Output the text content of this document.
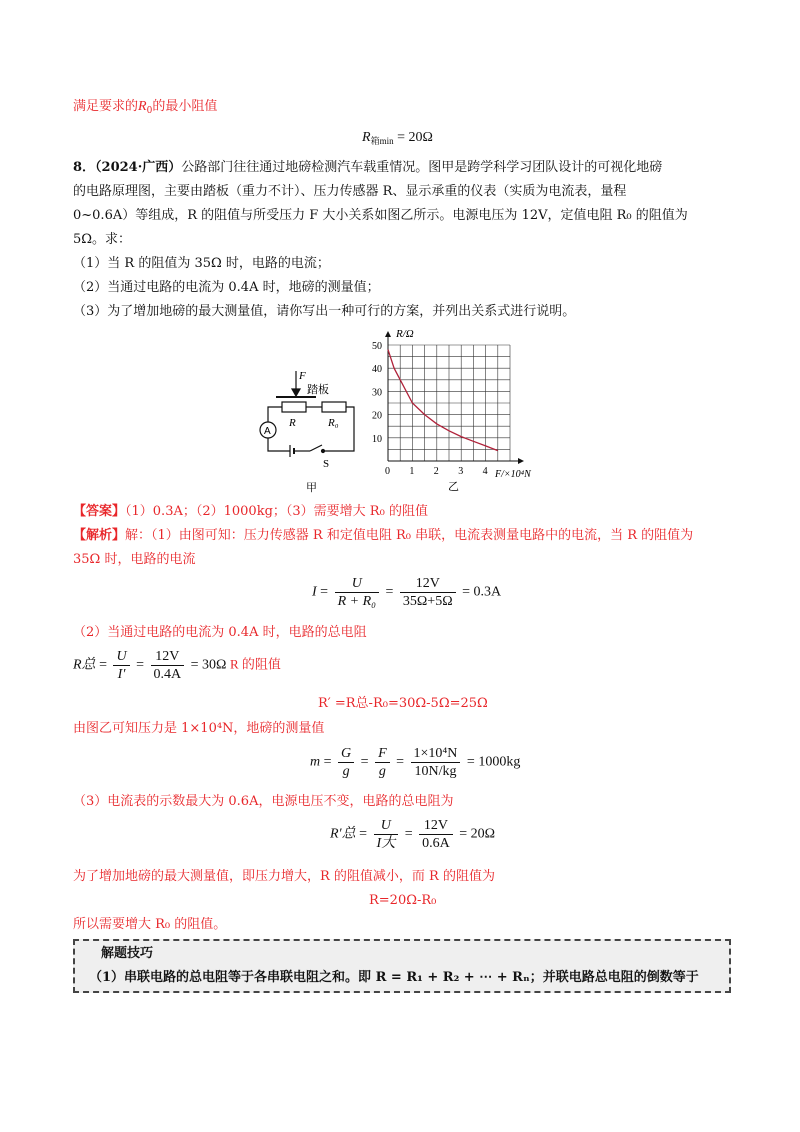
满足要求的$R_0$的最小阻值
$R_{箱min} = 20\Omega$
8．（2024·广西）公路部门往往通过地磅检测汽车载重情况。图甲是跨学科学习团队设计的可视化地磅
的电路原理图，主要由踏板（重力不计）、压力传感器 R、显示承重的仪表（实质为电流表，量程
0~0.6A）等组成，R 的阻值与所受压力 F 大小关系如图乙所示。电源电压为 12V，定值电阻 R₀ 的阻值为
5Ω。求：
（1）当 R 的阻值为 35Ω 时，电路的电流；
（2）当通过电路的电流为 0.4A 时，地磅的测量值；
（3）为了增加地磅的最大测量值，请你写出一种可行的方案，并列出关系式进行说明。
F
踏板
R	R₀
A
S
甲
0 1 2 3 4
10
20
30
40
50
R/Ω
F/×10⁴N
乙
【答案】（1）0.3A；（2）1000kg；（3）需要增大 R₀ 的阻值
【解析】解：（1）由图可知：压力传感器 R 和定值电阻 R₀ 串联，电流表测量电路中的电流，当 R 的阻值为
35Ω 时，电路的电流
$I = \frac{U}{\text{R + R₀}} = \frac{12V}{35\Omega+5\Omega} = 0.3A$
（2）当通过电路的电流为 0.4A 时，电路的总电阻
R总 = $\frac{U}{I'} = \frac{12V}{0.4A} = 30\Omega$ R 的阻值
R′ =R总-R₀=30Ω-5Ω=25Ω
由图乙可知压力是 1×10⁴N，地磅的测量值
$m = \frac{G}{g} = \frac{F}{g} = \frac{\text{1×10⁴N}}{10N/kg} = 1000kg$
（3）电流表的示数最大为 0.6A，电源电压不变，电路的总电阻为
R′总 = $\frac{U}{\text{I大}} = \frac{12V}{0.6A} = 20\Omega$
为了增加地磅的最大测量值，即压力增大，R 的阻值减小，而 R 的阻值为
R=20Ω-R₀
所以需要增大 R₀ 的阻值。
解题技巧
（1）串联电路的总电阻等于各串联电阻之和。即 R = R₁ + R₂ + ⋯ + Rₙ；并联电路总电阻的倒数等于
